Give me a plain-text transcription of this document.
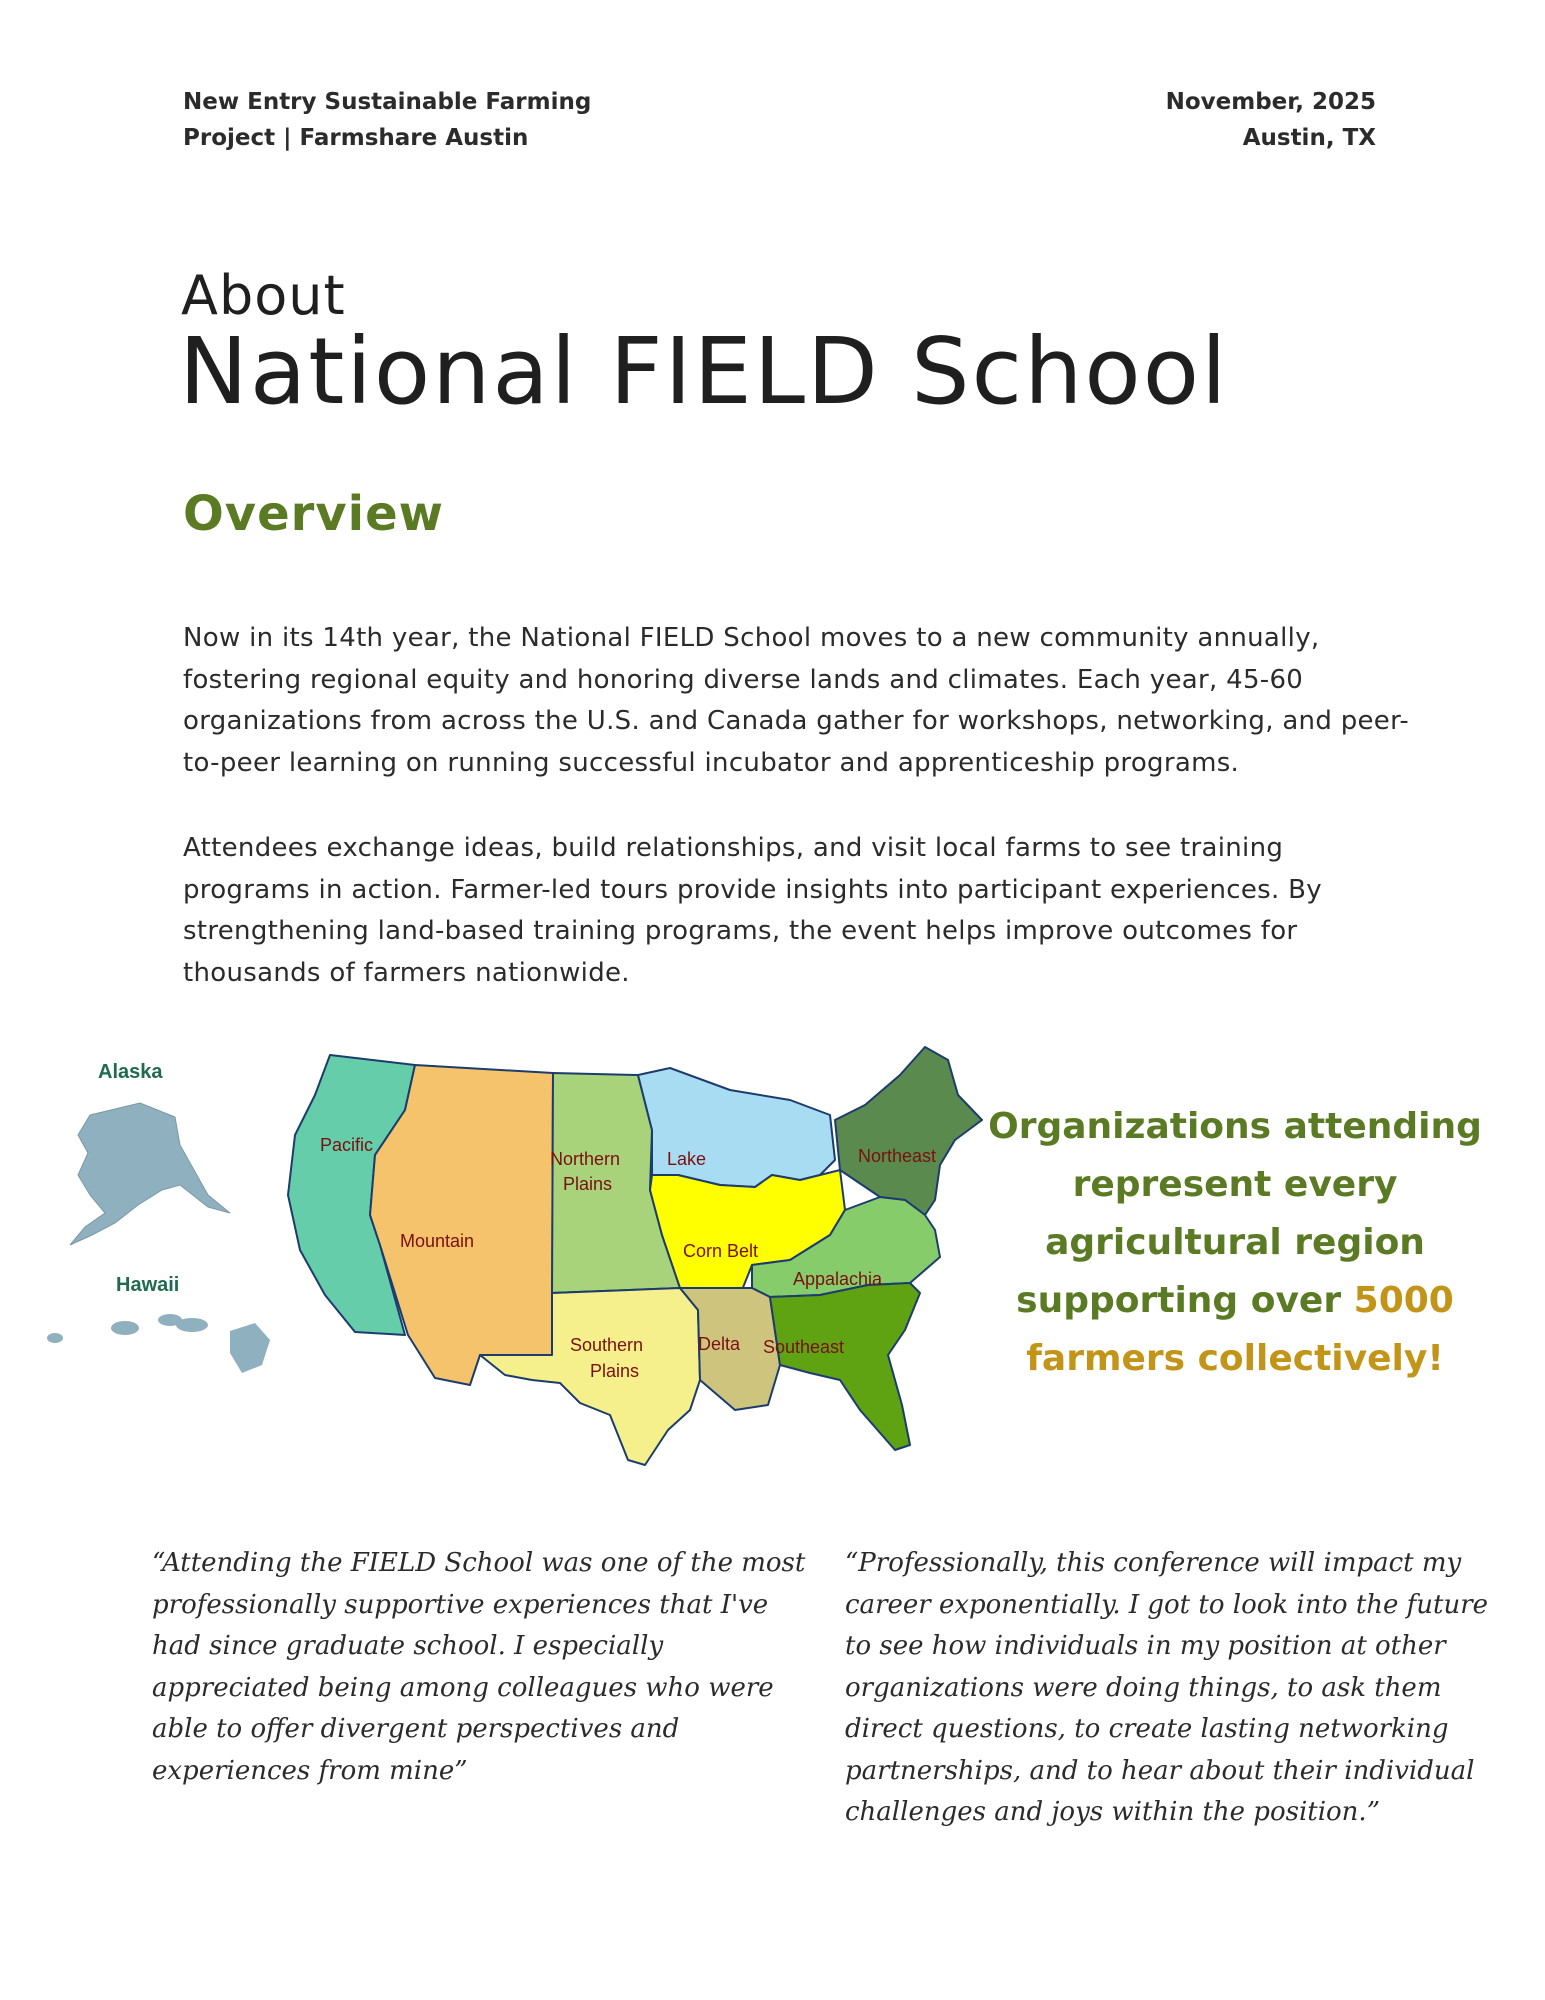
New Entry Sustainable Farming
Project | Farmshare Austin
November, 2025
Austin, TX
About
National FIELD School
Overview
Now in its 14th year, the National FIELD School moves to a new community annually, fostering regional equity and honoring diverse lands and climates. Each year, 45-60 organizations from across the U.S. and Canada gather for workshops, networking, and peer-to-peer learning on running successful incubator and apprenticeship programs.
Attendees exchange ideas, build relationships, and visit local farms to see training programs in action. Farmer-led tours provide insights into participant experiences. By strengthening land-based training programs, the event helps improve outcomes for thousands of farmers nationwide.
Alaska
Hawaii
Pacific
Mountain
Northern
Plains
Lake
Corn Belt
Northeast
Appalachia
Southern
Plains
Delta Southeast
Organizations attending
represent every
agricultural region
supporting over 5000
farmers collectively!
“Attending the FIELD School was one of the most professionally supportive experiences that I've had since graduate school. I especially appreciated being among colleagues who were able to offer divergent perspectives and experiences from mine”
“Professionally, this conference will impact my career exponentially. I got to look into the future to see how individuals in my position at other organizations were doing things, to ask them direct questions, to create lasting networking partnerships, and to hear about their individual challenges and joys within the position.”
